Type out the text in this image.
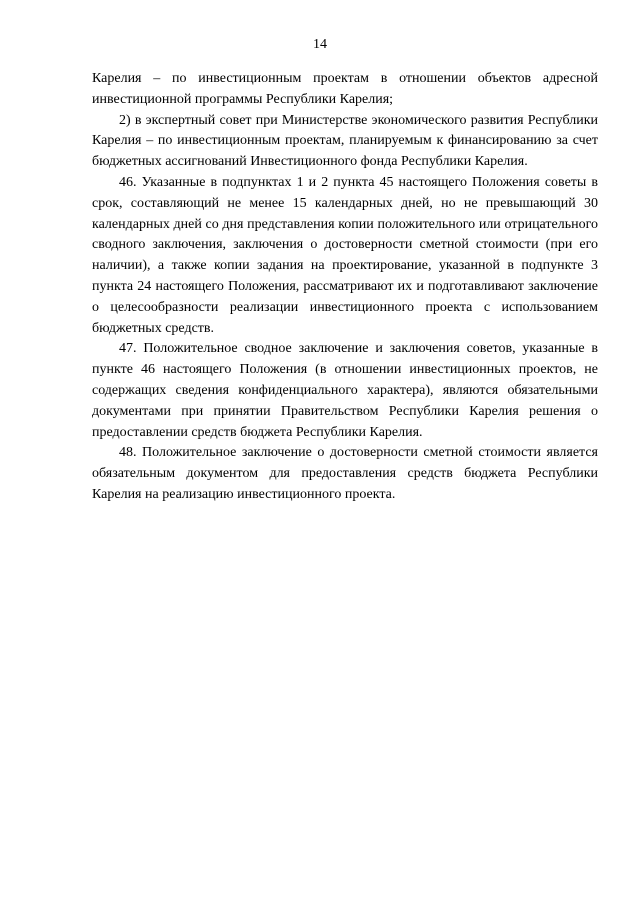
14

Карелия – по инвестиционным проектам в отношении объектов адресной инвестиционной программы Республики Карелия;

2) в экспертный совет при Министерстве экономического развития Республики Карелия – по инвестиционным проектам, планируемым к финансированию за счет бюджетных ассигнований Инвестиционного фонда Республики Карелия.

46. Указанные в подпунктах 1 и 2 пункта 45 настоящего Положения советы в срок, составляющий не менее 15 календарных дней, но не превышающий 30 календарных дней со дня представления копии положительного или отрицательного сводного заключения, заключения о достоверности сметной стоимости (при его наличии), а также копии задания на проектирование, указанной в подпункте 3 пункта 24 настоящего Положения, рассматривают их и подготавливают заключение о целесообразности реализации инвестиционного проекта с использованием бюджетных средств.

47. Положительное сводное заключение и заключения советов, указанные в пункте 46 настоящего Положения (в отношении инвестиционных проектов, не содержащих сведения конфиденциального характера), являются обязательными документами при принятии Правительством Республики Карелия решения о предоставлении средств бюджета Республики Карелия.

48. Положительное заключение о достоверности сметной стоимости является обязательным документом для предоставления средств бюджета Республики Карелия на реализацию инвестиционного проекта.
